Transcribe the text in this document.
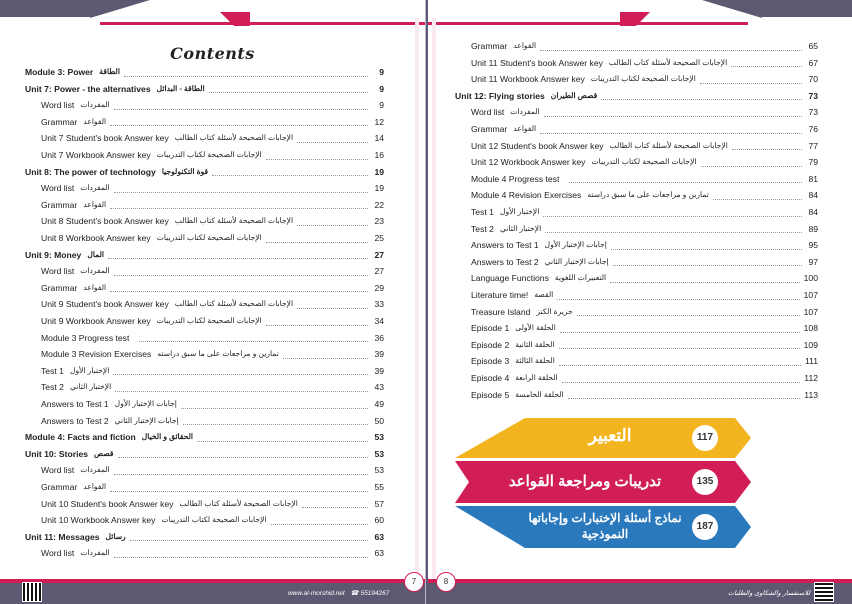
Contents
Module 3: Power الطاقة	9
Unit 7: Power - the alternatives الطاقة - البدائل	9
Word list المفردات	9
Grammar القواعد	12
Unit 7 Student's book Answer key الإجابات الصحيحة لأسئلة كتاب الطالب	14
Unit 7 Workbook Answer key الإجابات الصحيحة لكتاب التدريبات	16
Unit 8: The power of technology قوة التكنولوجيا	19
Word list المفردات	19
Grammar القواعد	22
Unit 8 Student's book Answer key الإجابات الصحيحة لأسئلة كتاب الطالب	23
Unit 8 Workbook Answer key الإجابات الصحيحة لكتاب التدريبات	25
Unit 9: Money المال	27
Word list المفردات	27
Grammar القواعد	29
Unit 9 Student's book Answer key الإجابات الصحيحة لأسئلة كتاب الطالب	33
Unit 9 Workbook Answer key الإجابات الصحيحة لكتاب التدريبات	34
Module 3 Progress test	36
Module 3 Revision Exercises تمارين و مراجعات على ما سبق دراسته	39
Test 1 الإختبار الأول	39
Test 2 الإختبار الثاني	43
Answers to Test 1 إجابات الإختبار الأول	49
Answers to Test 2 إجابات الإختبار الثاني	50
Module 4: Facts and fiction الحقائق و الخيال	53
Unit 10: Stories قصص	53
Word list المفردات	53
Grammar القواعد	55
Unit 10 Student's book Answer key الإجابات الصحيحة لأسئلة كتاب الطالب	57
Unit 10 Workbook Answer key الإجابات الصحيحة لكتاب التدريبات	60
Unit 11: Messages رسائل	63
Word list المفردات	63
www.al-morshid.net ☎ 55194267
7
Grammar القواعد	65
Unit 11 Student's book Answer key الإجابات الصحيحة لأسئلة كتاب الطالب	67
Unit 11 Workbook Answer key الإجابات الصحيحة لكتاب التدريبات	70
Unit 12: Flying stories قصص الطيران	73
Word list المفردات	73
Grammar القواعد	76
Unit 12 Student's book Answer key الإجابات الصحيحة لأسئلة كتاب الطالب	77
Unit 12 Workbook Answer key الإجابات الصحيحة لكتاب التدريبات	79
Module 4 Progress test	81
Module 4 Revision Exercises تمارين و مراجعات على ما سبق دراسته	84
Test 1 الإختبار الأول	84
Test 2 الإختبار الثاني	89
Answers to Test 1 إجابات الإختبار الأول	95
Answers to Test 2 إجابات الإختبار الثاني	97
Language Functions التعبيرات اللغوية	100
Literature time! القصة	107
Treasure Island جزيرة الكنز	107
Episode 1 الحلقة الأولى	108
Episode 2 الحلقة الثانية	109
Episode 3 الحلقة الثالثة	111
Episode 4 الحلقة الرابعة	112
Episode 5 الحلقة الخامسة	113
8
للاستفسار والشكاوى والطلبات
التعبير	117
تدريبات ومراجعة القواعد	135
نماذج أسئلة الإختبارات وإجاباتها النموذجية
187
